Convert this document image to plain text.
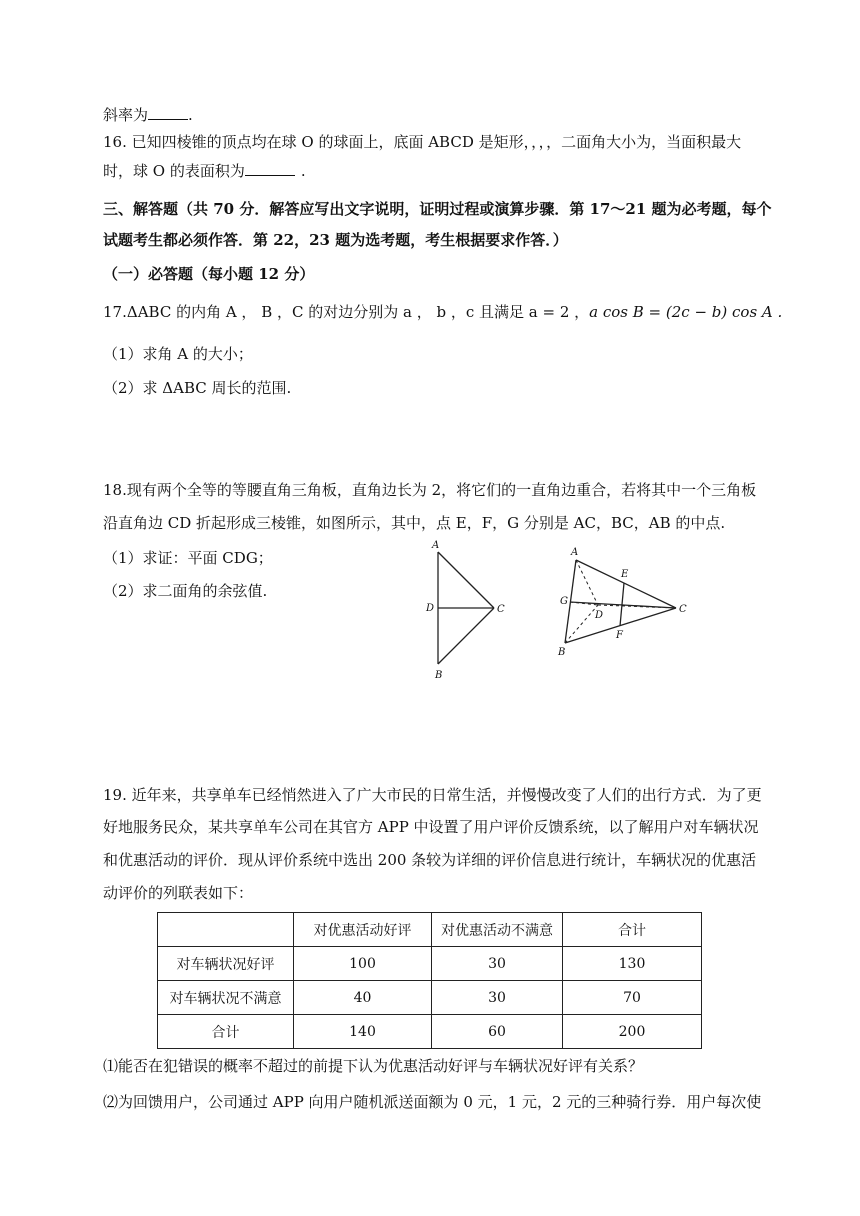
斜率为	.
16. 已知四棱锥的顶点均在球 O 的球面上，底面 ABCD 是矩形，，，，二面角大小为，当面积最大
时，球 O 的表面积为	.
三、解答题（共 70 分．解答应写出文字说明，证明过程或演算步骤．第 17～21 题为必考题，每个
试题考生都必须作答．第 22，23 题为选考题，考生根据要求作答．）
（一）必答题（每小题 12 分）
17.ΔABC 的内角 A ， B ，C 的对边分别为 a ， b ，c 且满足 a = 2 ，a cos B = (2c − b) cos A .
（1）求角 A 的大小；
（2）求 ΔABC 周长的范围.
18.现有两个全等的等腰直角三角板，直角边长为 2，将它们的一直角边重合，若将其中一个三角板
沿直角边 CD 折起形成三棱锥，如图所示，其中，点 E，F，G 分别是 AC，BC，AB 的中点.
（1）求证：平面 CDG；
（2）求二面角的余弦值.
A
D	C
B
A
E
G
D
C
F
B
19. 近年来，共享单车已经悄然进入了广大市民的日常生活，并慢慢改变了人们的出行方式．为了更
好地服务民众，某共享单车公司在其官方 APP 中设置了用户评价反馈系统，以了解用户对车辆状况
和优惠活动的评价．现从评价系统中选出 200 条较为详细的评价信息进行统计，车辆状况的优惠活
动评价的列联表如下：
	对优惠活动好评	对优惠活动不满意	合计
对车辆状况好评	100	30	130
对车辆状况不满意	40	30	70
合计	140	60	200
⑴能否在犯错误的概率不超过的前提下认为优惠活动好评与车辆状况好评有关系？
⑵为回馈用户，公司通过 APP 向用户随机派送面额为 0 元，1 元，2 元的三种骑行券．用户每次使
